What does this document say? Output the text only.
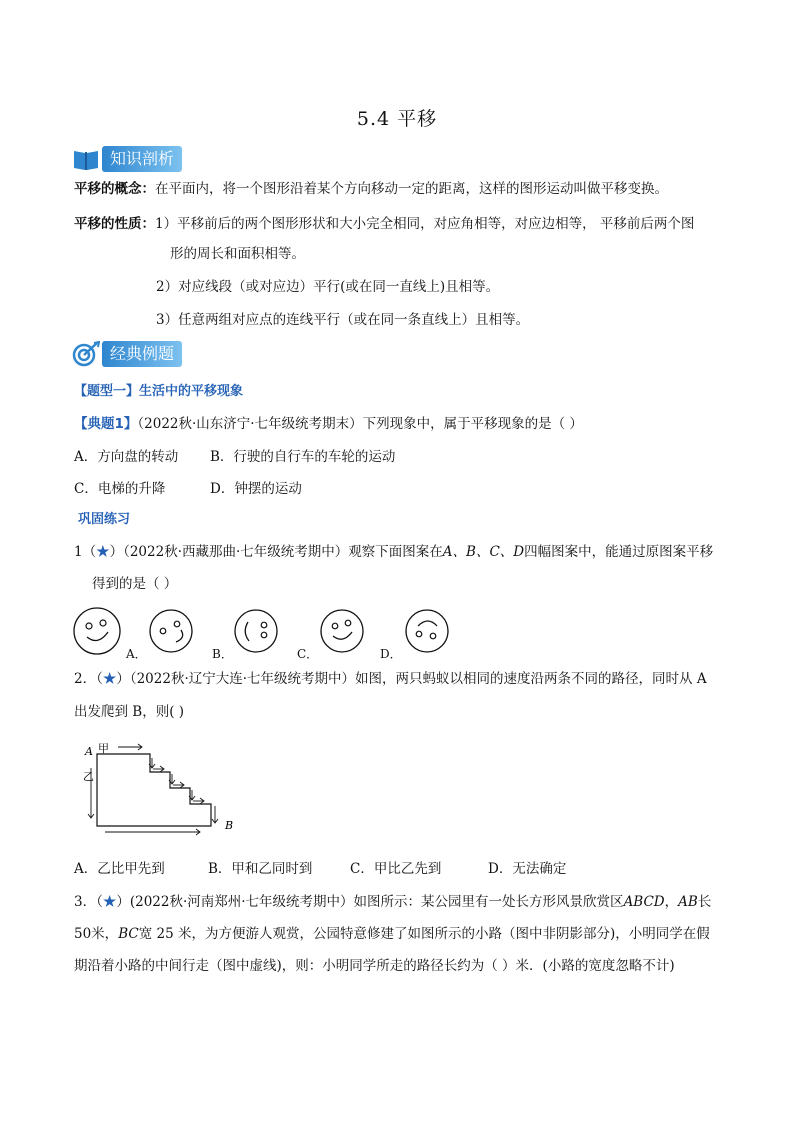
5.4 平移
知识剖析
平移的概念：在平面内，将一个图形沿着某个方向移动一定的距离，这样的图形运动叫做平移变换。
平移的性质：1）平移前后的两个图形形状和大小完全相同，对应角相等，对应边相等， 平移前后两个图
形的周长和面积相等。
2）对应线段（或对应边）平行(或在同一直线上)且相等。
3）任意两组对应点的连线平行（或在同一条直线上）且相等。
经典例题
【题型一】生活中的平移现象
【典题1】（2022秋·山东济宁·七年级统考期末）下列现象中，属于平移现象的是（ ）
A．方向盘的转动 B．行驶的自行车的车轮的运动
C．电梯的升降	D．钟摆的运动
巩固练习
1（★）（2022秋·西藏那曲·七年级统考期中）观察下面图案在A、B、C、D四幅图案中，能通过原图案平移
得到的是（ ）
A．	B．	C．	D．
2．（★）（2022秋·辽宁大连·七年级统考期中）如图，两只蚂蚁以相同的速度沿两条不同的路径，同时从 A
出发爬到 B，则( )
A 甲
乙
B
A．乙比甲先到	B．甲和乙同时到	C．甲比乙先到	D．无法确定
3．（★）(2022秋·河南郑州·七年级统考期中）如图所示：某公园里有一处长方形风景欣赏区ABCD，AB长
50米，BC宽 25 米，为方便游人观赏，公园特意修建了如图所示的小路（图中非阴影部分)，小明同学在假
期沿着小路的中间行走（图中虚线)，则：小明同学所走的路径长约为（ ）米．(小路的宽度忽略不计)
